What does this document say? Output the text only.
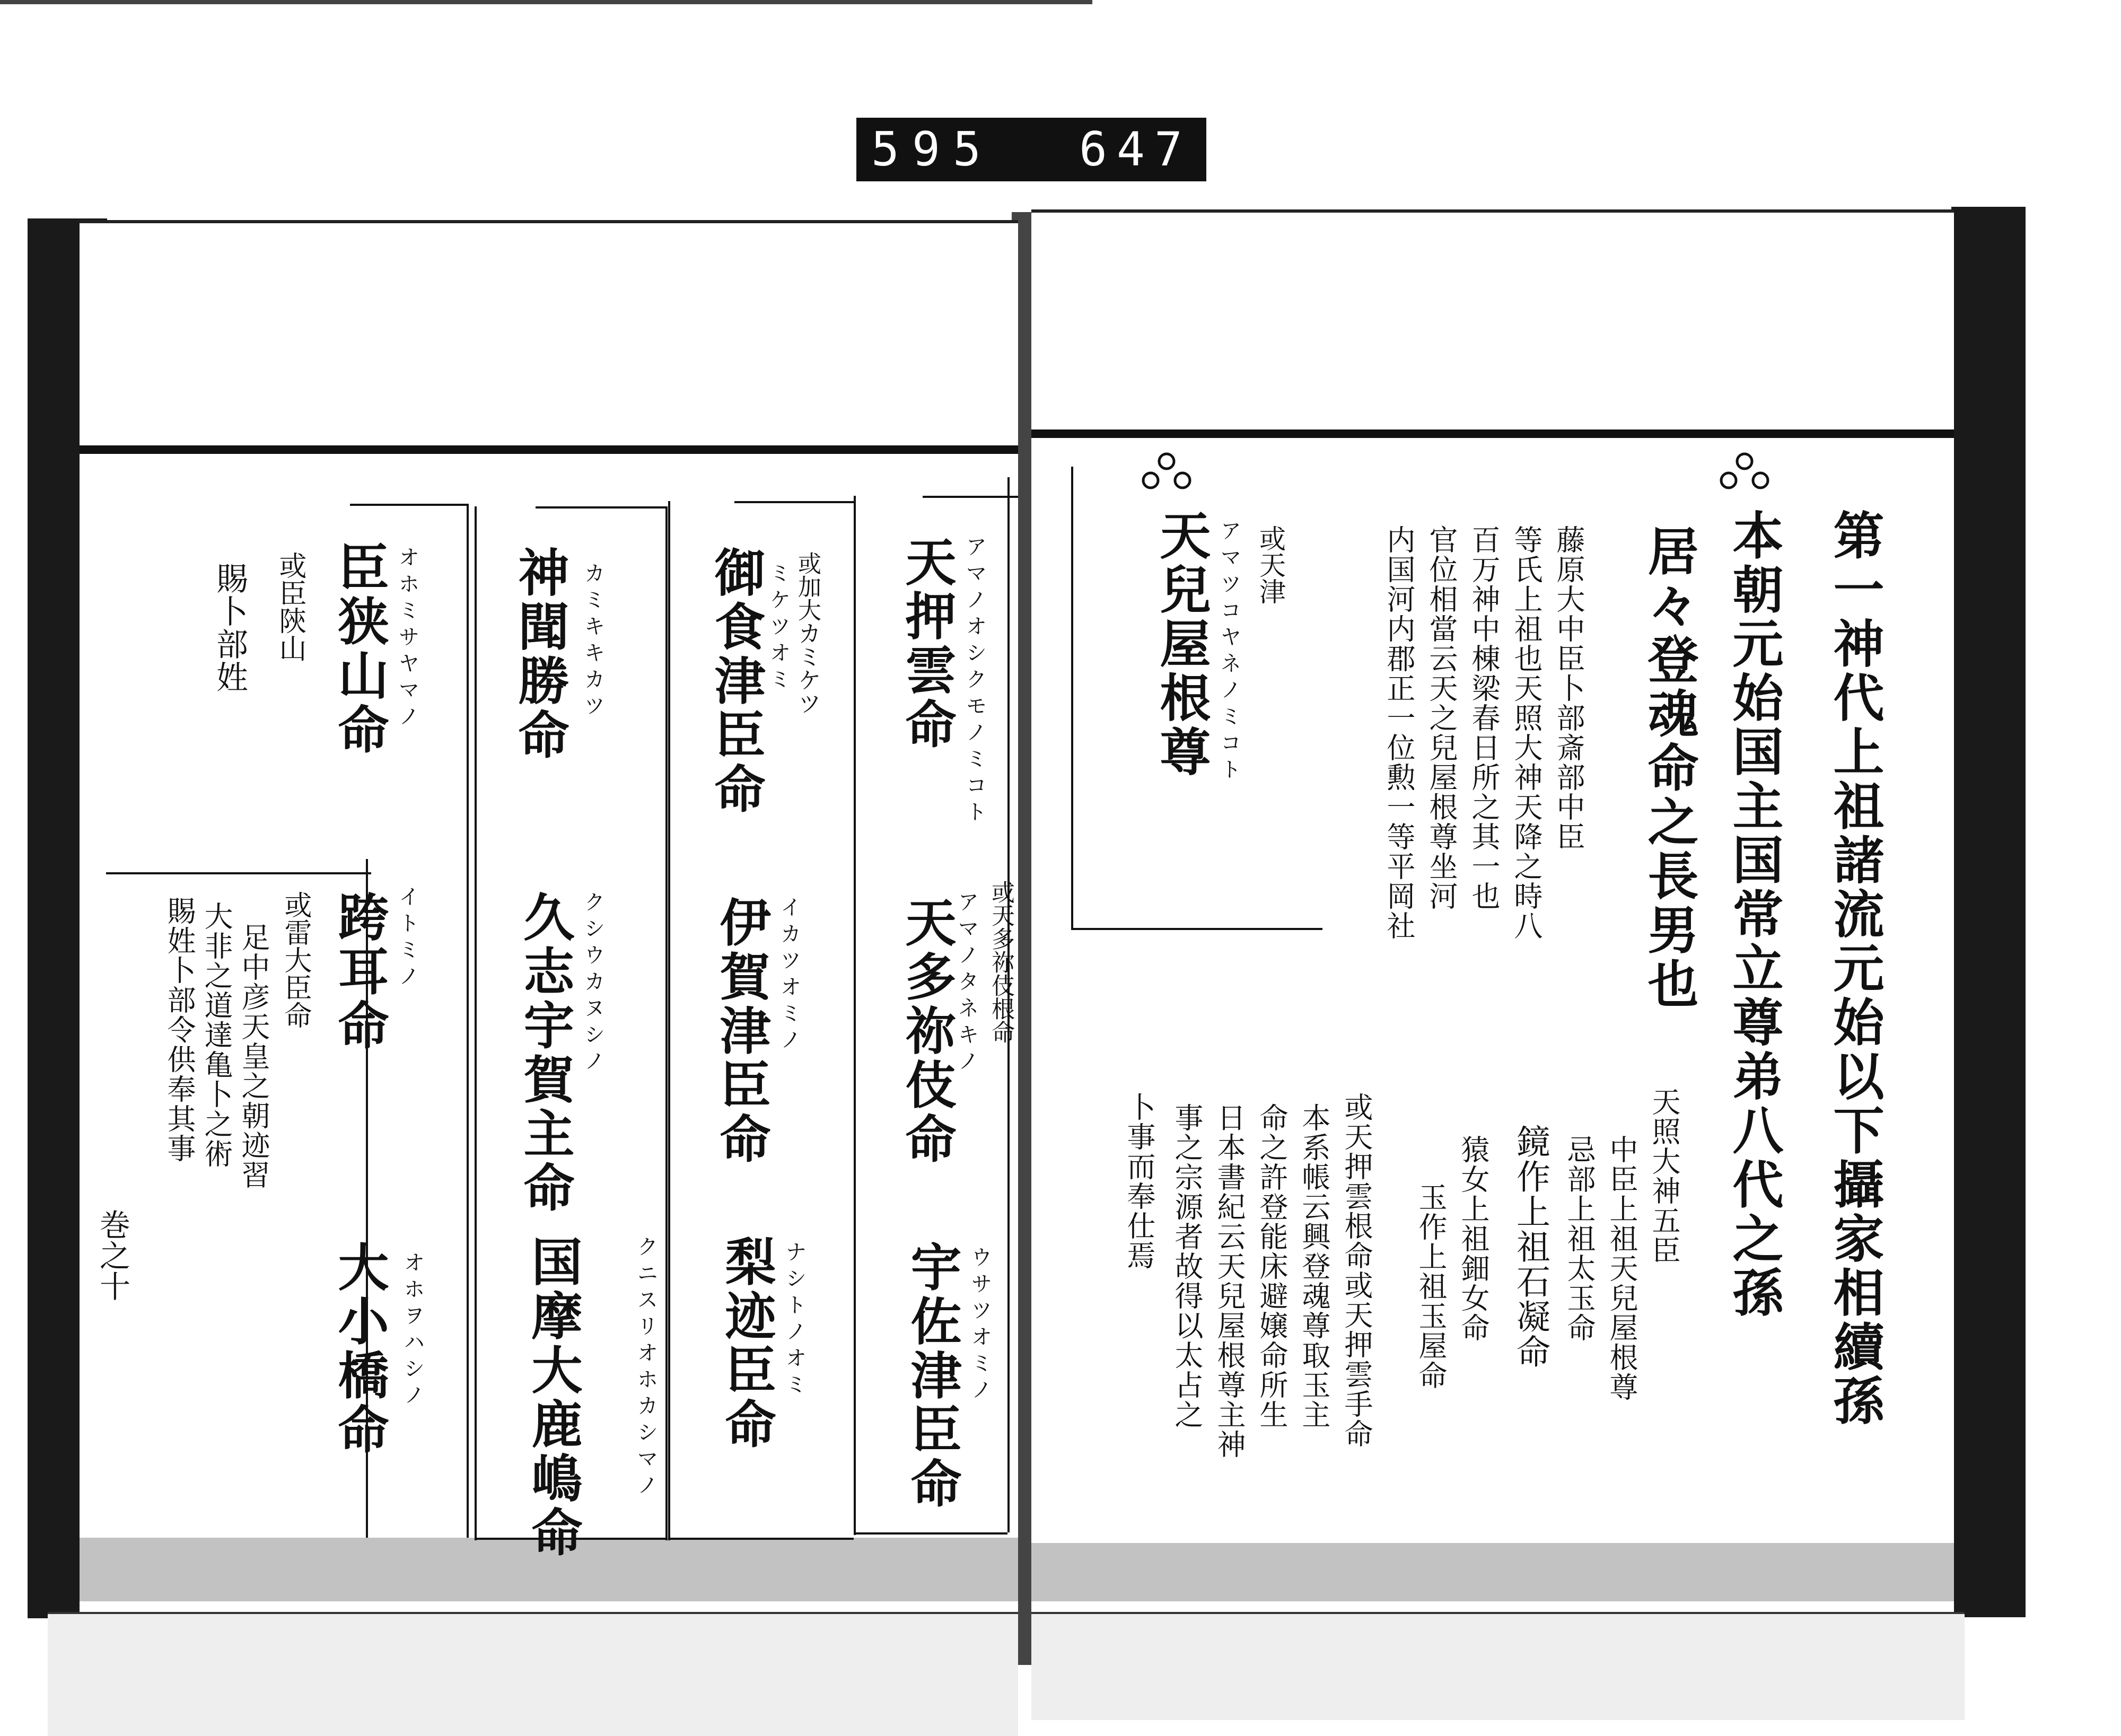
595 647
巻之十	第一神代上祖諸流元始以下攝家相續孫
本朝元始国主国常立尊弟八代之孫
居々登魂命之長男也
藤原大中臣卜部斎部中臣
等氏上祖也天照大神天降之時八
百万神中棟梁春日所之其一也
官位相當云天之兒屋根尊坐河
内国河内郡正一位勲一等平岡社
天照大神五臣
中臣上祖天兒屋根尊
忌部上祖太玉命
鏡作上祖石凝命
猿女上祖鈿女命
玉作上祖玉屋命
或天押雲根命或天押雲手命
本系帳云興登魂尊取玉主
命之許登能床避嬢命所生
日本書紀云天兒屋根尊主神
事之宗源者故得以太占之
卜事而奉仕焉
或天津
アマツコヤネノミコト
天兒屋根尊
アマノオシクモノミコト
天押雲命
或天多祢伎根命
アマノタネキノ
天多祢伎命
ウサツオミノ
宇佐津臣命
或加大カミケツ
ミケツオミ
御食津臣命
イカツオミノ
伊賀津臣命
ナシトノオミ
梨迹臣命
カミキキカツ
神聞勝命
クシウカヌシノ
久志宇賀主命
クニスリオホカシマノ
国摩大鹿嶋命
オホミサヤマノ
臣狭山命
或臣陝山
イトミノ
跨耳命
或雷大臣命
オホヲハシノ
大小橋命
賜卜部姓
足中彦天皇之朝迹習
大非之道達亀卜之術
賜姓卜部令供奉其事
